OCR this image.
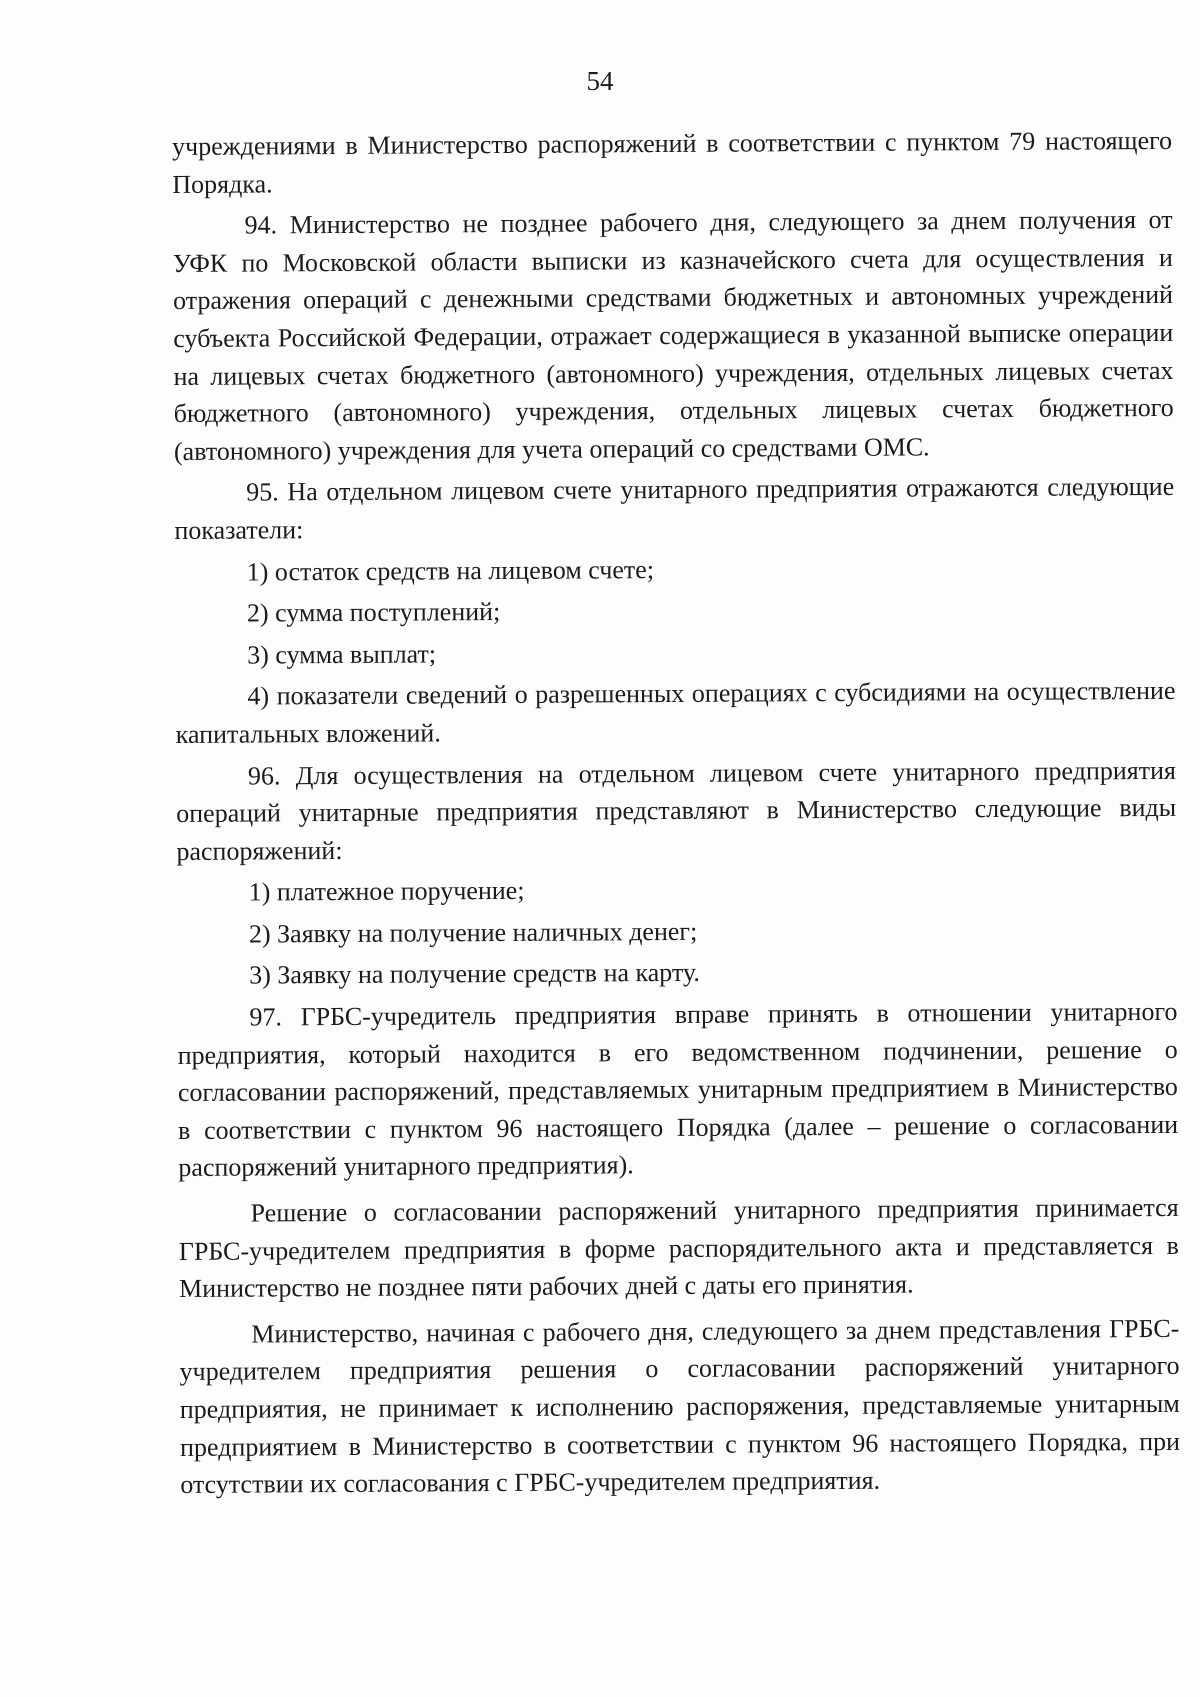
54

учреждениями в Министерство распоряжений в соответствии с пунктом 79 настоящего Порядка.

94. Министерство не позднее рабочего дня, следующего за днем получения от УФК по Московской области выписки из казначейского счета для осуществления и отражения операций с денежными средствами бюджетных и автономных учреждений субъекта Российской Федерации, отражает содержащиеся в указанной выписке операции на лицевых счетах бюджетного (автономного) учреждения, отдельных лицевых счетах бюджетного (автономного) учреждения, отдельных лицевых счетах бюджетного (автономного) учреждения для учета операций со средствами ОМС.

95. На отдельном лицевом счете унитарного предприятия отражаются следующие показатели:

1) остаток средств на лицевом счете;

2) сумма поступлений;

3) сумма выплат;

4) показатели сведений о разрешенных операциях с субсидиями на осуществление капитальных вложений.

96. Для осуществления на отдельном лицевом счете унитарного предприятия операций унитарные предприятия представляют в Министерство следующие виды распоряжений:

1) платежное поручение;

2) Заявку на получение наличных денег;

3) Заявку на получение средств на карту.

97. ГРБС-учредитель предприятия вправе принять в отношении унитарного предприятия, который находится в его ведомственном подчинении, решение о согласовании распоряжений, представляемых унитарным предприятием в Министерство в соответствии с пунктом 96 настоящего Порядка (далее – решение о согласовании распоряжений унитарного предприятия).

Решение о согласовании распоряжений унитарного предприятия принимается ГРБС-учредителем предприятия в форме распорядительного акта и представляется в Министерство не позднее пяти рабочих дней с даты его принятия.

Министерство, начиная с рабочего дня, следующего за днем представления ГРБС-учредителем предприятия решения о согласовании распоряжений унитарного предприятия, не принимает к исполнению распоряжения, представляемые унитарным предприятием в Министерство в соответствии с пунктом 96 настоящего Порядка, при отсутствии их согласования с ГРБС-учредителем предприятия.
